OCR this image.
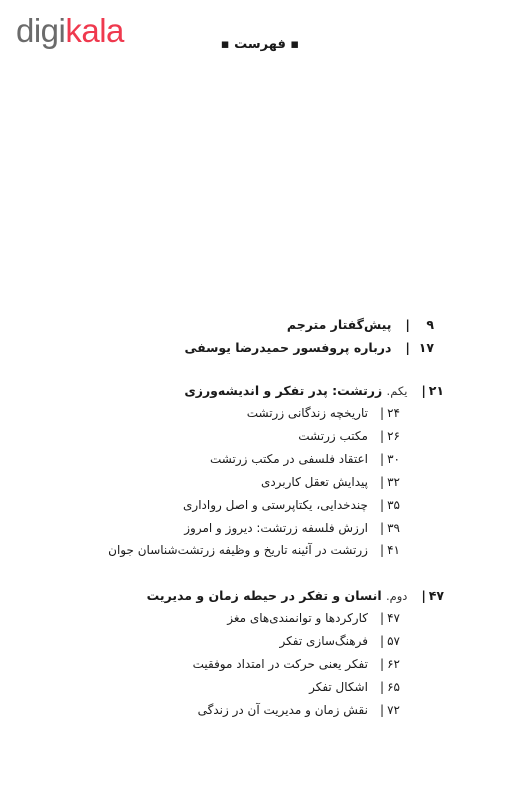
digikala	▪ فهرست ▪
۹|پیش‌گفتار مترجم
۱۷|درباره پروفسور حمیدرضا یوسفی
۲۱|یکم. زرتشت: پدر تفکر و اندیشه‌ورزی
۲۴|تاریخچه زندگانی زرتشت
۲۶|مکتب زرتشت
۳۰|اعتقاد فلسفی در مکتب زرتشت
۳۲|پیدایش تعقل کاربردی
۳۵|چندخدایی، یکتاپرستی و اصل رواداری
۳۹|ارزش فلسفه زرتشت: دیروز و امروز
۴۱|زرتشت در آئینه تاریخ و وظیفه زرتشت‌شناسان جوان
۴۷|دوم. انسان و تفکر در حیطه زمان و مدیریت
۴۷|کارکردها و توانمندی‌های مغز
۵۷|فرهنگ‌سازی تفکر
۶۲|تفکر یعنی حرکت در امتداد موفقیت
۶۵|اشکال تفکر
۷۲|نقش زمان و مدیریت آن در زندگی
